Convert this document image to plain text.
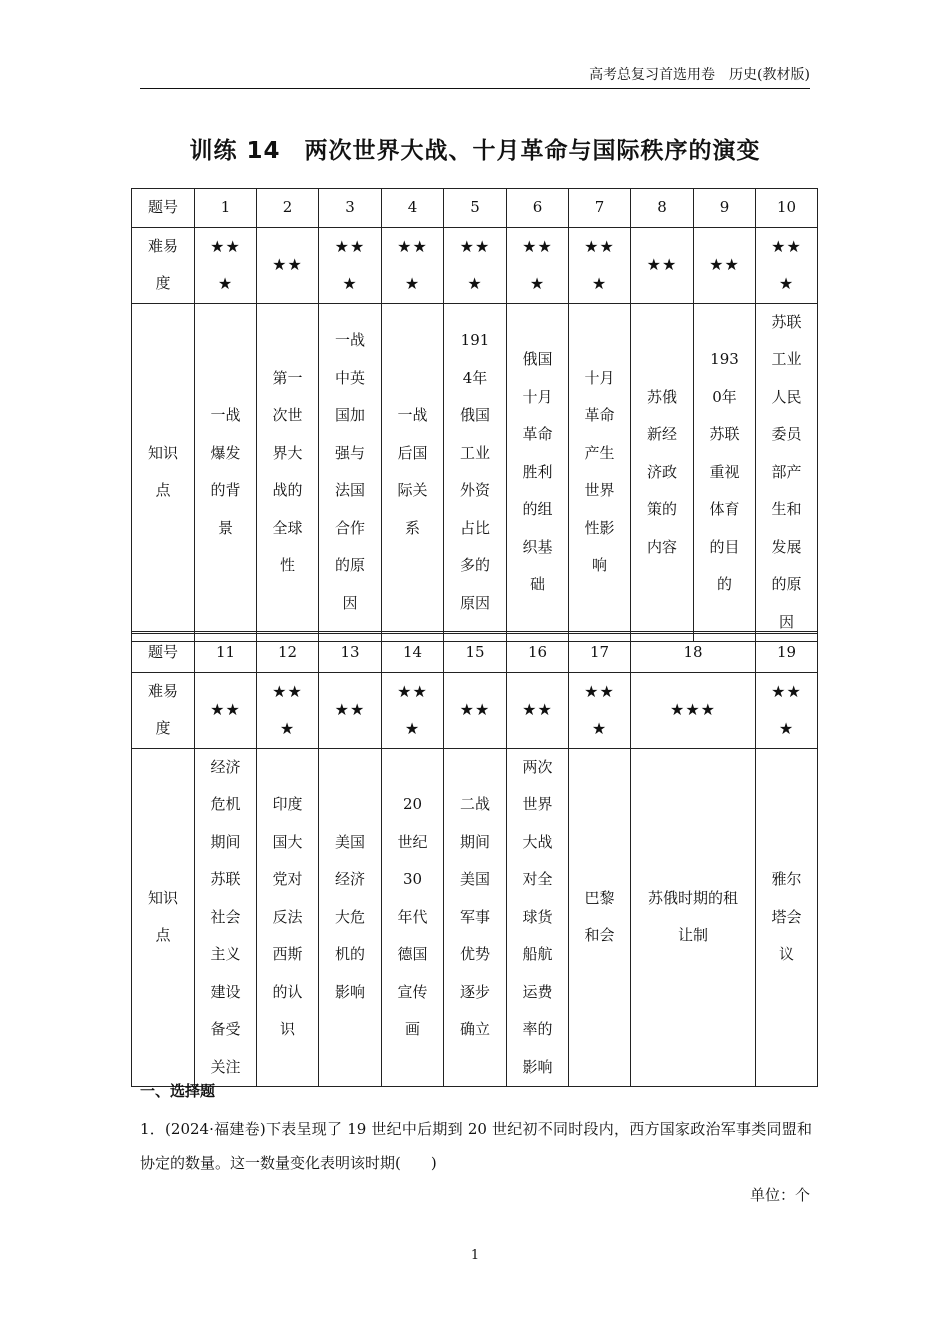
高考总复习首选用卷　历史(教材版)
训练 14　两次世界大战、十月革命与国际秩序的演变
题号	1	2	3	4	5	6	7	8	9	10
难易度	★★★	★★	★★★	★★★	★★★	★★★	★★★	★★	★★	★★★
知识点	一战爆发的背景	第一次世界大战的全球性	一战中英国加强与法国合作的原因	一战后国际关系	1914年俄国工业外资占比多的原因	俄国十月革命胜利的组织基础	十月革命产生世界性影响	苏俄新经济政策的内容	1930年苏联重视体育的目的	苏联工业人民委员部产生和发展的原因
题号	11	12	13	14	15	16	17	18	19
难易度	★★	★★★	★★	★★★	★★	★★	★★★	★★★	★★★
知识点	经济危机期间苏联社会主义建设备受关注	印度国大党对反法西斯的认识	美国经济大危机的影响	20世纪30年代德国宣传画	二战期间美国军事优势逐步确立	两次世界大战对全球货船航运费率的影响	巴黎和会	苏俄时期的租让制	雅尔塔会议
一、选择题
1．(2024·福建卷)下表呈现了 19 世纪中后期到 20 世纪初不同时段内，西方国家政治军事类同盟和协定的数量。这一数量变化表明该时期(　　)
单位：个
1
